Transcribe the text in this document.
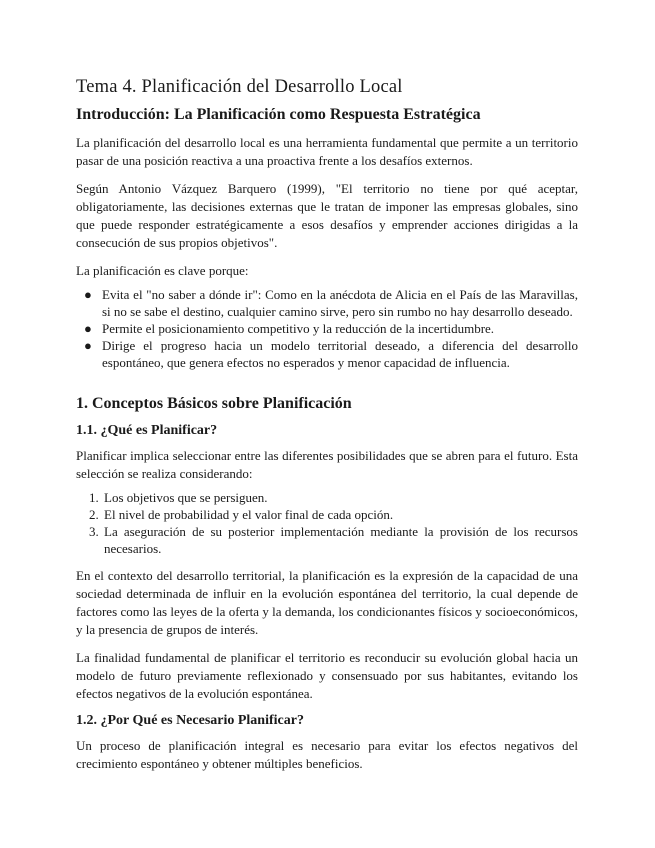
Tema 4. Planificación del Desarrollo Local
Introducción: La Planificación como Respuesta Estratégica

La planificación del desarrollo local es una herramienta fundamental que permite a un territorio pasar de una posición reactiva a una proactiva frente a los desafíos externos.

Según Antonio Vázquez Barquero (1999), "El territorio no tiene por qué aceptar, obligatoriamente, las decisiones externas que le tratan de imponer las empresas globales, sino que puede responder estratégicamente a esos desafíos y emprender acciones dirigidas a la consecución de sus propios objetivos".

La planificación es clave porque:

● Evita el "no saber a dónde ir": Como en la anécdota de Alicia en el País de las Maravillas, si no se sabe el destino, cualquier camino sirve, pero sin rumbo no hay desarrollo deseado.
● Permite el posicionamiento competitivo y la reducción de la incertidumbre.
● Dirige el progreso hacia un modelo territorial deseado, a diferencia del desarrollo espontáneo, que genera efectos no esperados y menor capacidad de influencia.
1. Conceptos Básicos sobre Planificación
1.1. ¿Qué es Planificar?

Planificar implica seleccionar entre las diferentes posibilidades que se abren para el futuro. Esta selección se realiza considerando:

1. Los objetivos que se persiguen.
2. El nivel de probabilidad y el valor final de cada opción.
3. La aseguración de su posterior implementación mediante la provisión de los recursos necesarios.

En el contexto del desarrollo territorial, la planificación es la expresión de la capacidad de una sociedad determinada de influir en la evolución espontánea del territorio, la cual depende de factores como las leyes de la oferta y la demanda, los condicionantes físicos y socioeconómicos, y la presencia de grupos de interés.

La finalidad fundamental de planificar el territorio es reconducir su evolución global hacia un modelo de futuro previamente reflexionado y consensuado por sus habitantes, evitando los efectos negativos de la evolución espontánea.

1.2. ¿Por Qué es Necesario Planificar?

Un proceso de planificación integral es necesario para evitar los efectos negativos del crecimiento espontáneo y obtener múltiples beneficios.
